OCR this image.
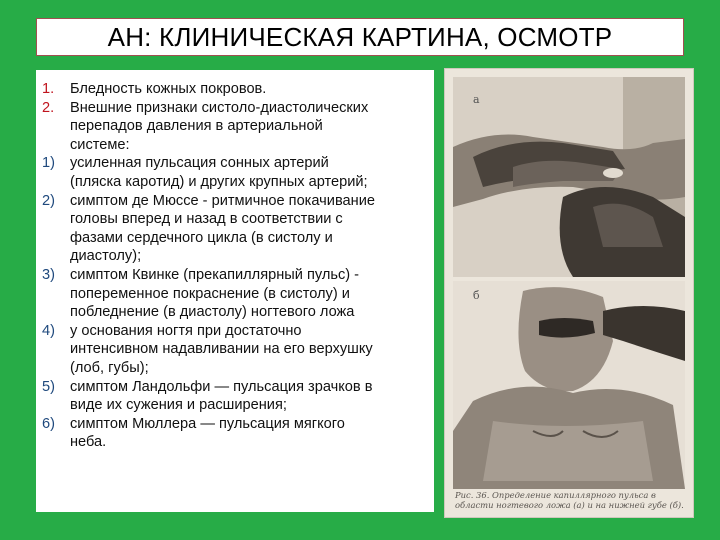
АН: КЛИНИЧЕСКАЯ КАРТИНА, ОСМОТР
1.	Бледность кожных покровов.
2.	Внешние признаки систоло-диастолических
перепадов давления в артериальной
системе:
1)	усиленная пульсация сонных артерий
(пляска каротид) и других крупных артерий;
2)	симптом де Мюссе - ритмичное покачивание
головы вперед и назад в соответствии с
фазами сердечного цикла (в систолу и
диастолу);
3)	симптом Квинке (прекапиллярный пульс) -
попеременное покраснение (в систолу) и
побледнение (в диастолу) ногтевого ложа
4)	у основания ногтя при достаточно
интенсивном надавливании на его верхушку
(лоб, губы);
5)	симптом Ландольфи — пульсация зрачков в
виде их сужения и расширения;
6)	симптом Мюллера — пульсация мягкого
неба.
а
б
Рис. 36. Определение капиллярного пульса в области ногтевого ложа (а) и на нижней губе (б).
